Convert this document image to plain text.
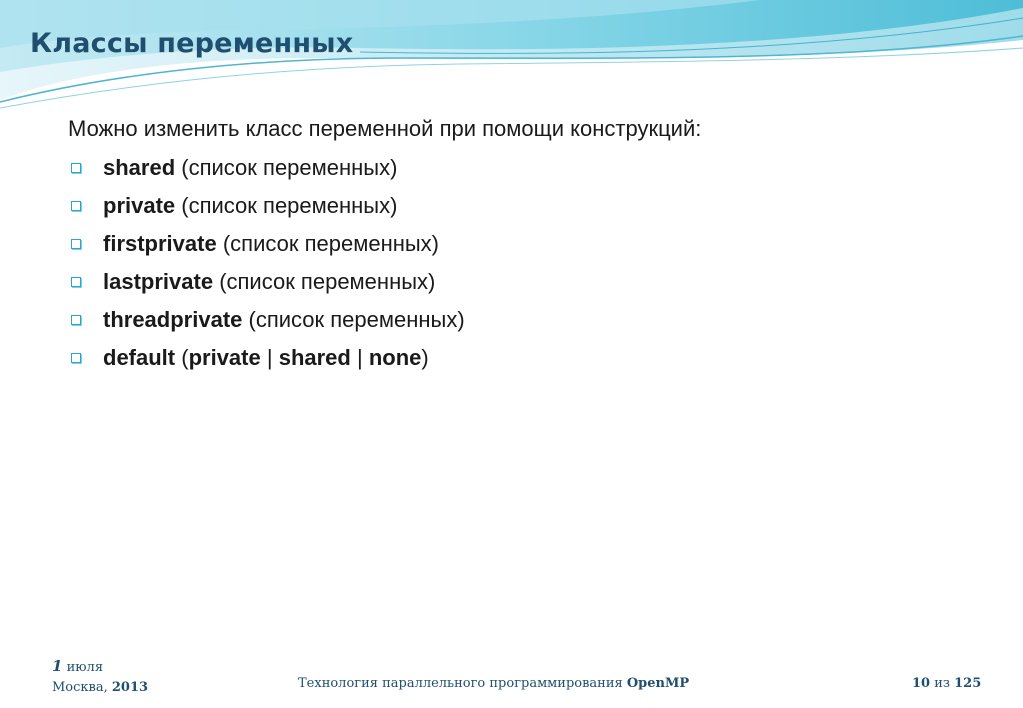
Классы переменных
Можно изменить класс переменной при помощи конструкций:
shared (список переменных)
private (список переменных)
firstprivate (список переменных)
lastprivate (список переменных)
threadprivate (список переменных)
default (private | shared | none)
1 июля
Москва, 2013	Технология параллельного программирования OpenMP	10 из 125
